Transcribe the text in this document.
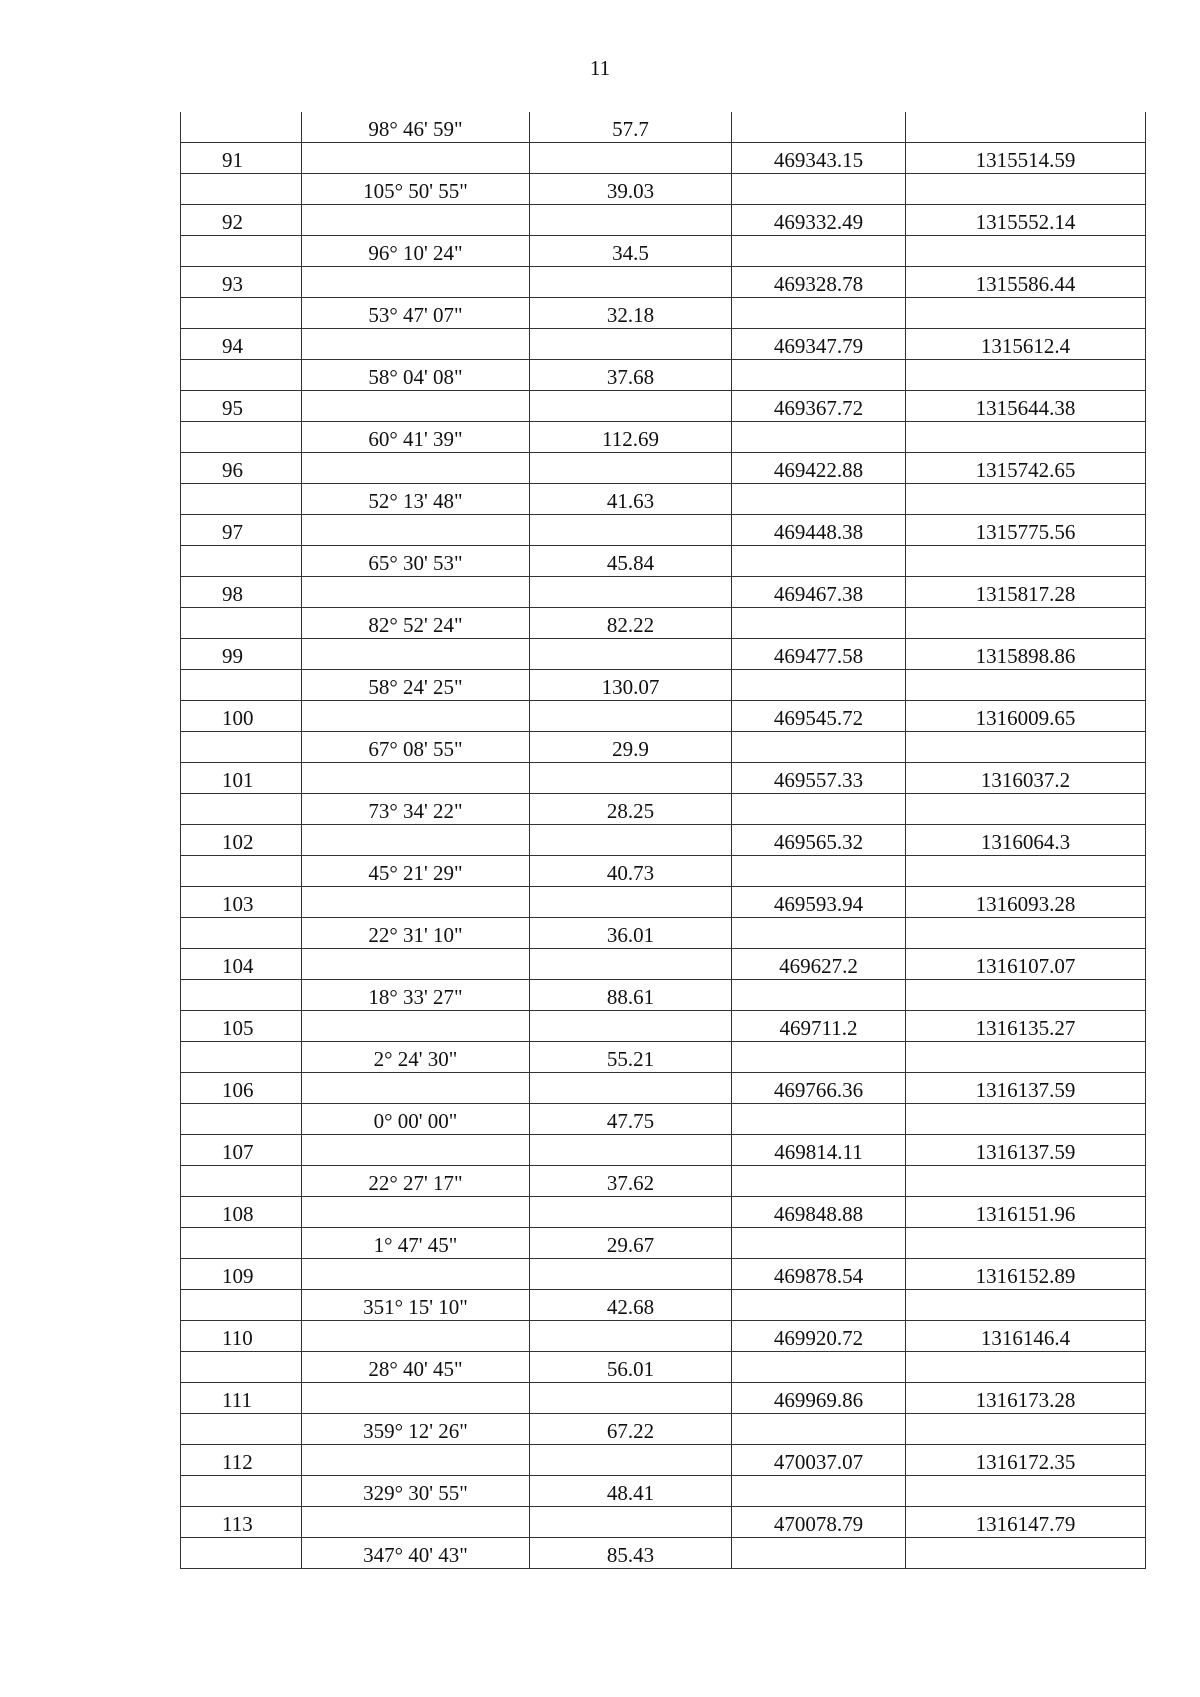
11
	98° 46' 59"	57.7		
91			469343.15	1315514.59
	105° 50' 55"	39.03		
92			469332.49	1315552.14
	96° 10' 24"	34.5		
93			469328.78	1315586.44
	53° 47' 07"	32.18		
94			469347.79	1315612.4
	58° 04' 08"	37.68		
95			469367.72	1315644.38
	60° 41' 39"	112.69		
96			469422.88	1315742.65
	52° 13' 48"	41.63		
97			469448.38	1315775.56
	65° 30' 53"	45.84		
98			469467.38	1315817.28
	82° 52' 24"	82.22		
99			469477.58	1315898.86
	58° 24' 25"	130.07		
100			469545.72	1316009.65
	67° 08' 55"	29.9		
101			469557.33	1316037.2
	73° 34' 22"	28.25		
102			469565.32	1316064.3
	45° 21' 29"	40.73		
103			469593.94	1316093.28
	22° 31' 10"	36.01		
104			469627.2	1316107.07
	18° 33' 27"	88.61		
105			469711.2	1316135.27
	2° 24' 30"	55.21		
106			469766.36	1316137.59
	0° 00' 00"	47.75		
107			469814.11	1316137.59
	22° 27' 17"	37.62		
108			469848.88	1316151.96
	1° 47' 45"	29.67		
109			469878.54	1316152.89
	351° 15' 10"	42.68		
110			469920.72	1316146.4
	28° 40' 45"	56.01		
111			469969.86	1316173.28
	359° 12' 26"	67.22		
112			470037.07	1316172.35
	329° 30' 55"	48.41		
113			470078.79	1316147.79
	347° 40' 43"	85.43		
